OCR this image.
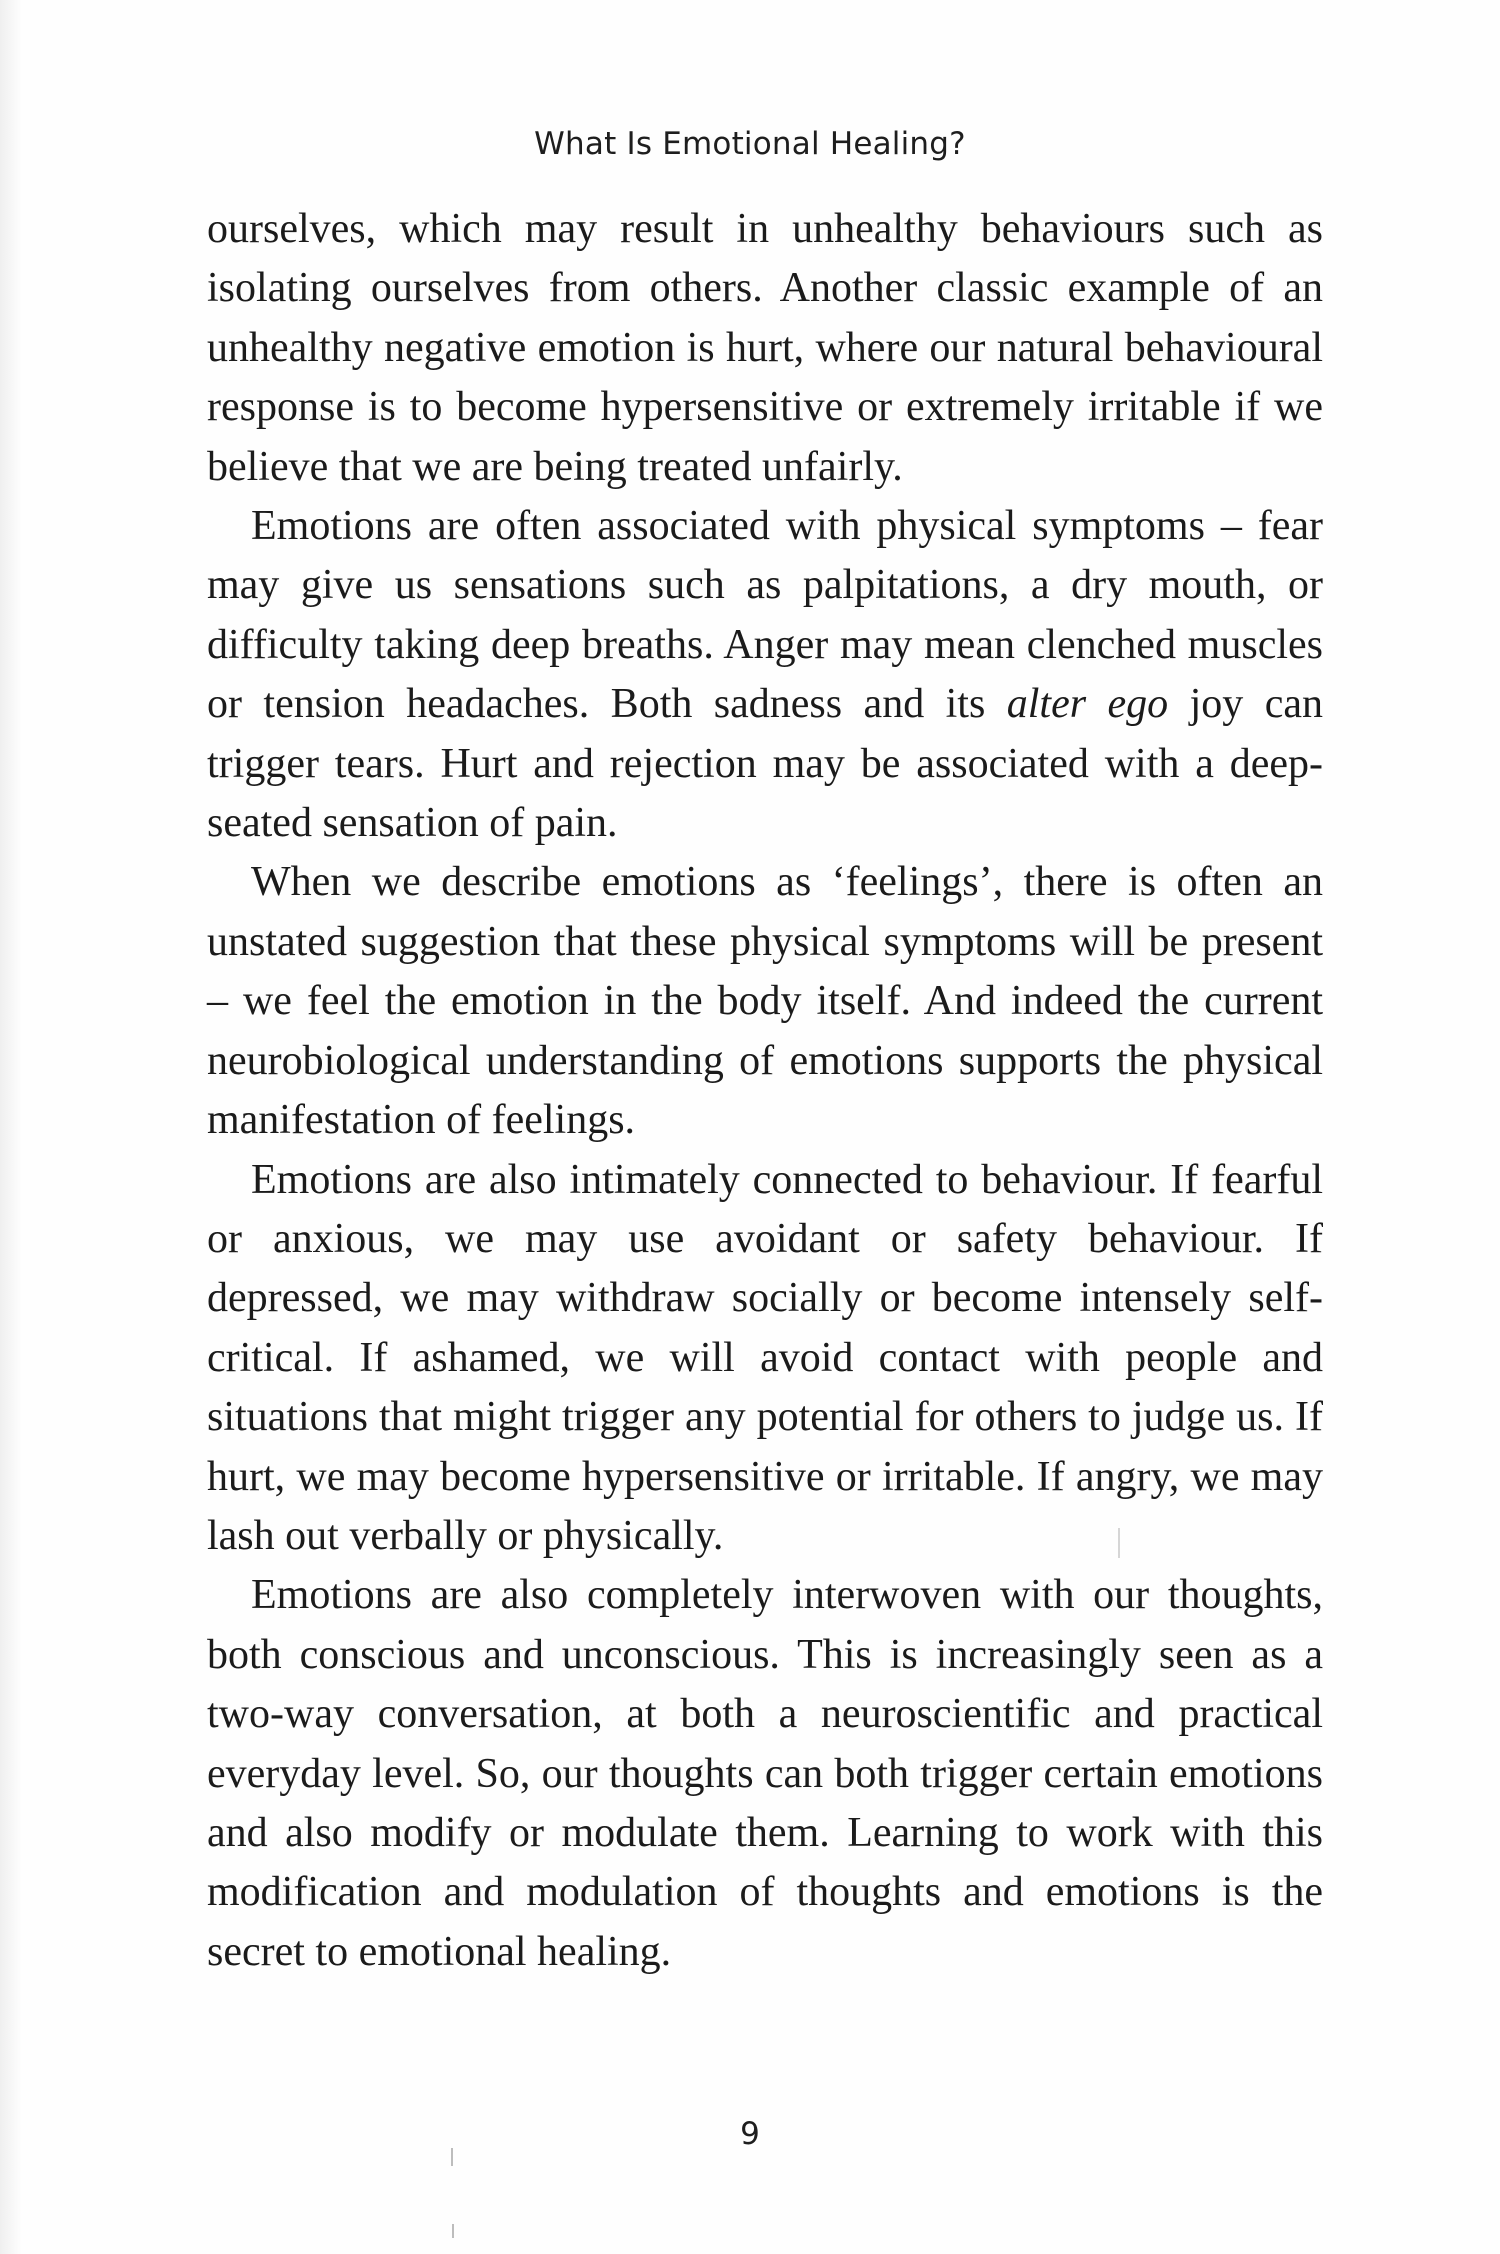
What Is Emotional Healing?

ourselves, which may result in unhealthy behaviours such as isolating ourselves from others. Another classic example of an unhealthy negative emotion is hurt, where our natural behavioural response is to become hypersensitive or extremely irritable if we believe that we are being treated unfairly.

Emotions are often associated with physical symptoms – fear may give us sensations such as palpitations, a dry mouth, or difficulty taking deep breaths. Anger may mean clenched muscles or tension headaches. Both sadness and its alter ego joy can trigger tears. Hurt and rejection may be associated with a deep-seated sensation of pain.

When we describe emotions as ‘feelings’, there is often an unstated suggestion that these physical symptoms will be present – we feel the emotion in the body itself. And indeed the current neurobiological understanding of emotions supports the physical manifestation of feelings.

Emotions are also intimately connected to behaviour. If fearful or anxious, we may use avoidant or safety behaviour. If depressed, we may withdraw socially or become intensely self-critical. If ashamed, we will avoid contact with people and situations that might trigger any potential for others to judge us. If hurt, we may become hypersensitive or irritable. If angry, we may lash out verbally or physically.

Emotions are also completely interwoven with our thoughts, both conscious and unconscious. This is increasingly seen as a two-way conversation, at both a neuroscientific and practical everyday level. So, our thoughts can both trigger certain emotions and also modify or modulate them. Learning to work with this modification and modulation of thoughts and emotions is the secret to emotional healing.

9
